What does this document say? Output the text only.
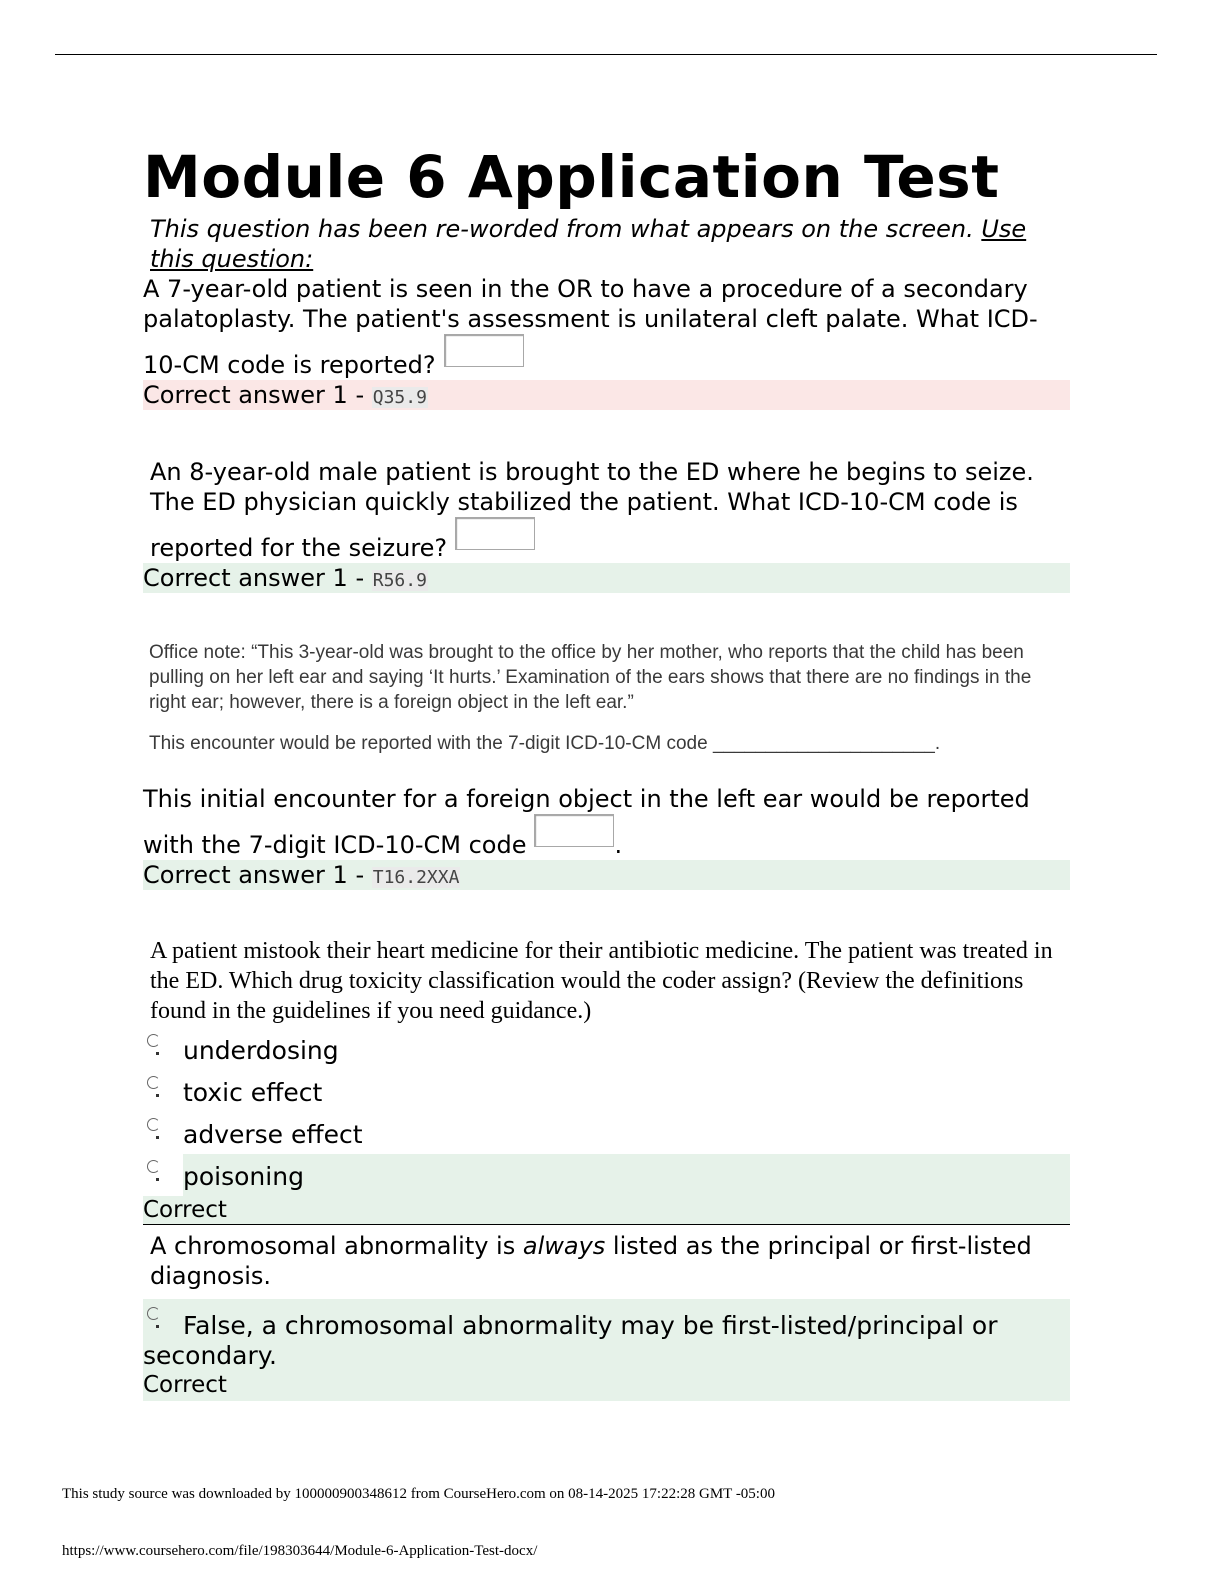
Module 6 Application Test
This question has been re-worded from what appears on the screen. Use this question:
A 7-year-old patient is seen in the OR to have a procedure of a secondary palatoplasty. The patient's assessment is unilateral cleft palate. What ICD-10-CM code is reported?
Correct answer 1 - Q35.9
An 8-year-old male patient is brought to the ED where he begins to seize. The ED physician quickly stabilized the patient. What ICD-10-CM code is reported for the seizure?
Correct answer 1 - R56.9
Office note: “This 3-year-old was brought to the office by her mother, who reports that the child has been pulling on her left ear and saying ‘It hurts.’ Examination of the ears shows that there are no findings in the right ear; however, there is a foreign object in the left ear.”
This encounter would be reported with the 7-digit ICD-10-CM code _____________________.
This initial encounter for a foreign object in the left ear would be reported with the 7-digit ICD-10-CM code	.
Correct answer 1 - T16.2XXA
A patient mistook their heart medicine for their antibiotic medicine. The patient was treated in the ED. Which drug toxicity classification would the coder assign? (Review the definitions found in the guidelines if you need guidance.)
underdosing
toxic effect
adverse effect
poisoning
Correct
A chromosomal abnormality is always listed as the principal or first-listed diagnosis.
False, a chromosomal abnormality may be first-listed/principal or secondary.
Correct
This study source was downloaded by 100000900348612 from CourseHero.com on 08-14-2025 17:22:28 GMT -05:00
https://www.coursehero.com/file/198303644/Module-6-Application-Test-docx/
